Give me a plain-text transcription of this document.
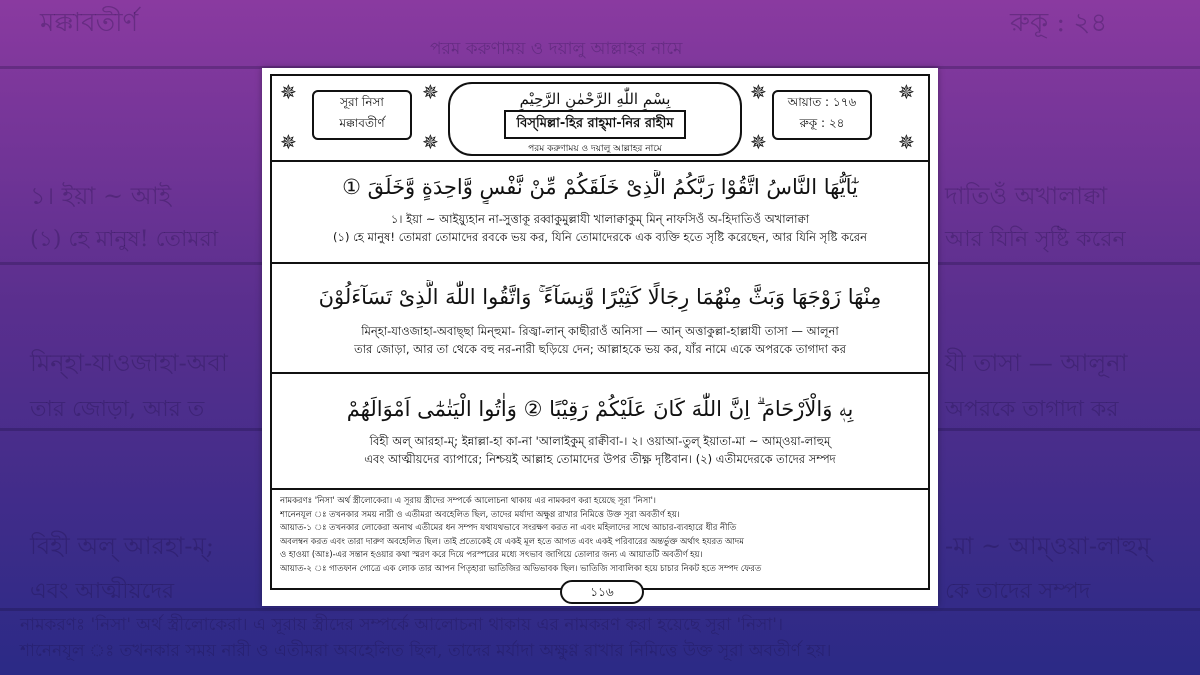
মক্কাবতীর্ণ	রুকূ : ২৪
পরম করুণাময় ও দয়ালু আল্লাহর নামে
১। ইয়া ~ আই	দাতিওঁ অখালাক্বা
(১) হে মানুষ! তোমরা	আর যিনি সৃষ্টি করেন
মিন্‌হা-যাওজাহা-অবা	যী তাসা — আলূনা
তার জোড়া, আর ত	অপরকে তাগাদা কর
বিহী অল্ আরহা-ম্;	-মা ~ আম্‌ওয়া-লাহুম্
এবং আত্মীয়দের	কে তাদের সম্পদ
নামকরণঃ 'নিসা' অর্থ স্ত্রীলোকেরা। এ সূরায় স্ত্রীদের সম্পর্কে আলোচনা থাকায় এর নামকরণ করা হয়েছে সূরা 'নিসা'।
শানেনযূল ঃ তখনকার সময় নারী ও এতীমরা অবহেলিত ছিল, তাদের মর্যাদা অক্ষুণ্ণ রাখার নিমিত্তে উক্ত সূরা অবতীর্ণ হয়।
✵
✵
✵
✵
✵
✵
✵
✵
সূরা নিসা
মক্কাবতীর্ণ
بِسْمِ اللّٰهِ الرَّحْمٰنِ الرَّحِيْمِ
বিস্‌মিল্লা-হির রাহ্‌মা-নির রাহীম
পরম করুণাময় ও দয়ালু আল্লাহর নামে
আয়াত : ১৭৬
রুকূ : ২৪
يٰٓاَيُّهَا النَّاسُ اتَّقُوْا رَبَّكُمُ الَّذِىْ خَلَقَكُمْ مِّنْ نَّفْسٍ وَّاحِدَةٍ وَّخَلَقَ ①
১। ইয়া ~ আইয়্যুহান না-সুত্তাকূ রব্বাকুমুল্লাযী খালাক্বাকুম্ মিন্ নাফসিওঁ অ-হিদাতিওঁ অখালাক্বা
(১) হে মানুষ! তোমরা তোমাদের রবকে ভয় কর, যিনি তোমাদেরকে এক ব্যক্তি হতে সৃষ্টি করেছেন, আর যিনি সৃষ্টি করেন
مِنْهَا زَوْجَهَا وَبَثَّ مِنْهُمَا رِجَالًا كَثِيْرًا وَّنِسَآءً ۚ وَاتَّقُوا اللّٰهَ الَّذِىْ تَسَآءَلُوْنَ
মিন্‌হা-যাওজাহা-অবাছ্‌ছা মিন্‌হুমা- রিজ্বা-লান্ কাছীরাওঁ অনিসা — আন্ অত্তাকুল্লা-হাল্লাযী তাসা — আলূনা
তার জোড়া, আর তা থেকে বহু নর-নারী ছড়িয়ে দেন; আল্লাহকে ভয় কর, যাঁর নামে একে অপরকে তাগাদা কর
بِهٖ وَالْاَرْحَامَ ۗ اِنَّ اللّٰهَ كَانَ عَلَيْكُمْ رَقِيْبًا ② وَاٰتُوا الْيَتٰمٰٓى اَمْوَالَهُمْ
বিহী অল্ আরহা-ম্; ইন্নাল্লা-হা কা-না 'আলাইকুম্ রাক্বীবা-। ২। ওয়াআ-তুল্ ইয়াতা-মা ~ আম্‌ওয়া-লাহুম্
এবং আত্মীয়দের ব্যাপারে; নিশ্চয়ই আল্লাহ তোমাদের উপর তীক্ষ্ণ দৃষ্টিবান। (২) এতীমদেরকে তাদের সম্পদ
নামকরণঃ 'নিসা' অর্থ স্ত্রীলোকেরা। এ সূরায় স্ত্রীদের সম্পর্কে আলোচনা থাকায় এর নামকরণ করা হয়েছে সূরা 'নিসা'।
শানেনযূল ঃ তখনকার সময় নারী ও এতীমরা অবহেলিত ছিল, তাদের মর্যাদা অক্ষুণ্ণ রাখার নিমিত্তে উক্ত সূরা অবতীর্ণ হয়।
আয়াত-১ ঃ তখনকার লোকেরা অনাথ এতীমের ধন সম্পদ যথাযথভাবে সংরক্ষণ করত না এবং মহিলাদের সাথে আচার-ব্যবহারে ধীর নীতি
অবলম্বন করত এবং তারা দারুণ অবহেলিত ছিল। তাই প্রত্যেকেই যে একই মূল হতে আগত এবং একই পরিবারের অন্তর্ভুক্ত অর্থাৎ হযরত আদম
ও হাওয়া (আঃ)-এর সন্তান হওয়ার কথা স্মরণ করে দিয়ে পরস্পরের মধ্যে সৎভাব জাগিয়ে তোলার জন্য এ আয়াতটি অবতীর্ণ হয়।
আয়াত-২ ঃ গাতফান গোত্রে এক লোক তার আপন পিতৃহারা ভাতিজির অভিভাবক ছিল। ভাতিজি সাবালিকা হয়ে চাচার নিকট হতে সম্পদ ফেরত
১১৬
